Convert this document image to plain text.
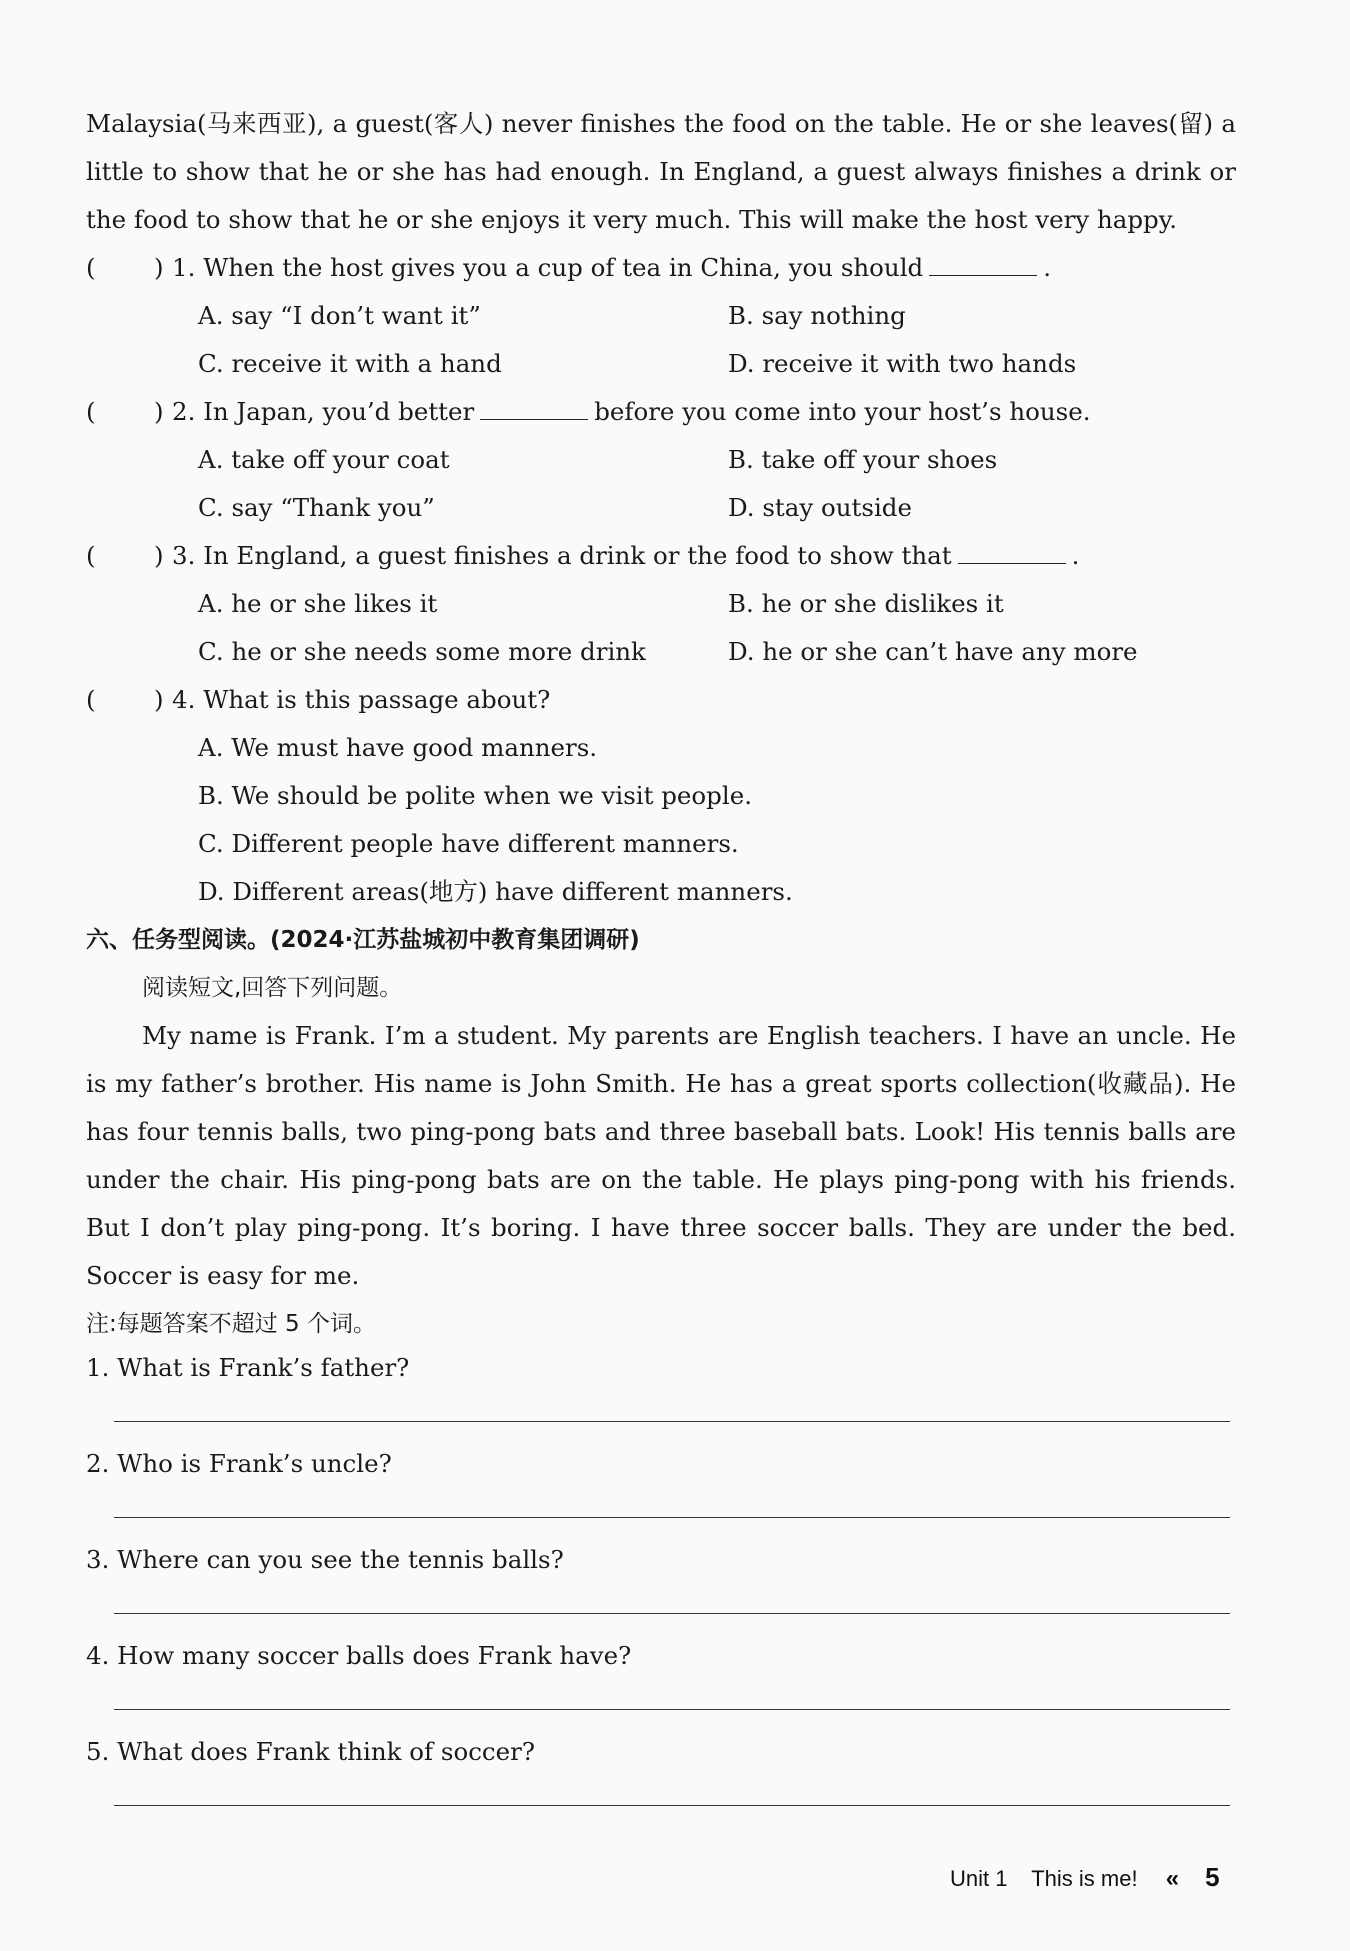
Malaysia(马来西亚), a guest(客人) never finishes the food on the table. He or she leaves(留) a little to show that he or she has had enough. In England, a guest always finishes a drink or the food to show that he or she enjoys it very much. This will make the host very happy.

( ) 1. When the host gives you a cup of tea in China, you should	.
A. say “I don’t want it”	B. say nothing
C. receive it with a hand	D. receive it with two hands
( ) 2. In Japan, you’d better	before you come into your host’s house.
A. take off your coat	B. take off your shoes
C. say “Thank you”	D. stay outside
( ) 3. In England, a guest finishes a drink or the food to show that	.
A. he or she likes it	B. he or she dislikes it
C. he or she needs some more drink	D. he or she can’t have any more
( ) 4. What is this passage about?
A. We must have good manners.
B. We should be polite when we visit people.
C. Different people have different manners.
D. Different areas(地方) have different manners.
六、任务型阅读。(2024·江苏盐城初中教育集团调研)
阅读短文,回答下列问题。

My name is Frank. I’m a student. My parents are English teachers. I have an uncle. He is my father’s brother. His name is John Smith. He has a great sports collection(收藏品). He has four tennis balls, two ping-pong bats and three baseball bats. Look! His tennis balls are under the chair. His ping-pong bats are on the table. He plays ping-pong with his friends. But I don’t play ping-pong. It’s boring. I have three soccer balls. They are under the bed. Soccer is easy for me.

注:每题答案不超过 5 个词。
1. What is Frank’s father?
2. Who is Frank’s uncle?
3. Where can you see the tennis balls?
4. How many soccer balls does Frank have?
5. What does Frank think of soccer?
Unit 1 This is me! « 5
